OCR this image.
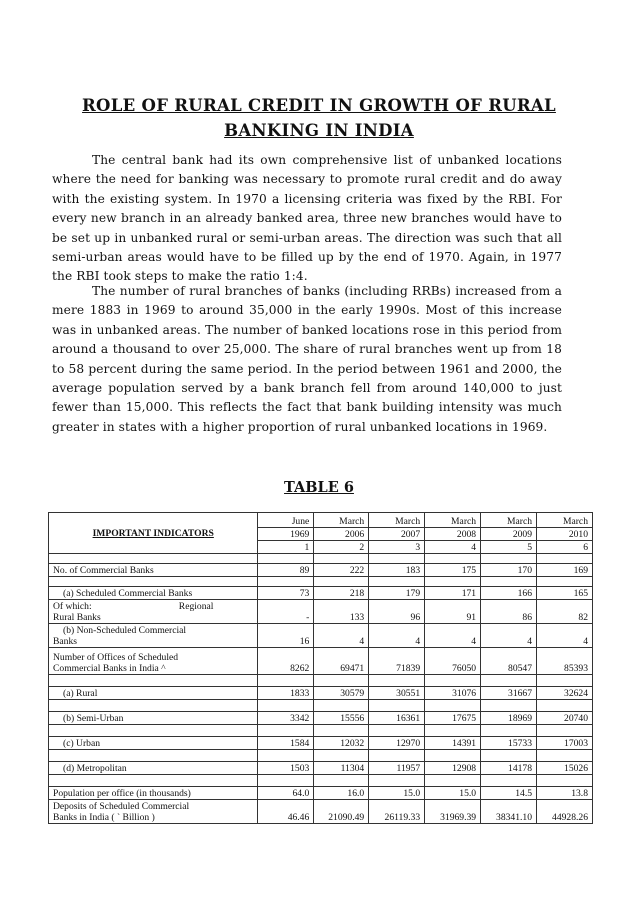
ROLE OF RURAL CREDIT IN GROWTH OF RURAL
BANKING IN INDIA
The central bank had its own comprehensive list of unbanked locations where the need for banking was necessary to promote rural credit and do away with the existing system. In 1970 a licensing criteria was fixed by the RBI. For every new branch in an already banked area, three new branches would have to be set up in unbanked rural or semi-urban areas. The direction was such that all semi-urban areas would have to be filled up by the end of 1970. Again, in 1977 the RBI took steps to make the ratio 1:4.
The number of rural branches of banks (including RRBs) increased from a mere 1883 in 1969 to around 35,000 in the early 1990s. Most of this increase was in unbanked areas. The number of banked locations rose in this period from around a thousand to over 25,000. The share of rural branches went up from 18 to 58 percent during the same period. In the period between 1961 and 2000, the average population served by a bank branch fell from around 140,000 to just fewer than 15,000. This reflects the fact that bank building intensity was much greater in states with a higher proportion of rural unbanked locations in 1969.
TABLE 6
IMPORTANT INDICATORS	June	March	March	March	March	March
	1969	2006	2007	2008	2009	2010
	1	2	3	4	5	6

No. of Commercial Banks	89	222	183	175	170	169

(a) Scheduled Commercial Banks	73	218	179	171	166	165

Of which: Regional
Rural Banks	-	133	96	91	86	82

(b) Non-Scheduled Commercial
Banks	16	4	4	4	4	4

Number of Offices of Scheduled
Commercial Banks in India ^	8262	69471	71839	76050	80547	85393

(a) Rural	1833	30579	30551	31076	31667	32624

(b) Semi-Urban	3342	15556	16361	17675	18969	20740

(c) Urban	1584	12032	12970	14391	15733	17003

(d) Metropolitan	1503	11304	11957	12908	14178	15026

Population per office (in thousands)	64.0	16.0	15.0	15.0	14.5	13.8

Deposits of Scheduled Commercial
Banks in India ( ` Billion )	46.46	21090.49	26119.33	31969.39	38341.10	44928.26
